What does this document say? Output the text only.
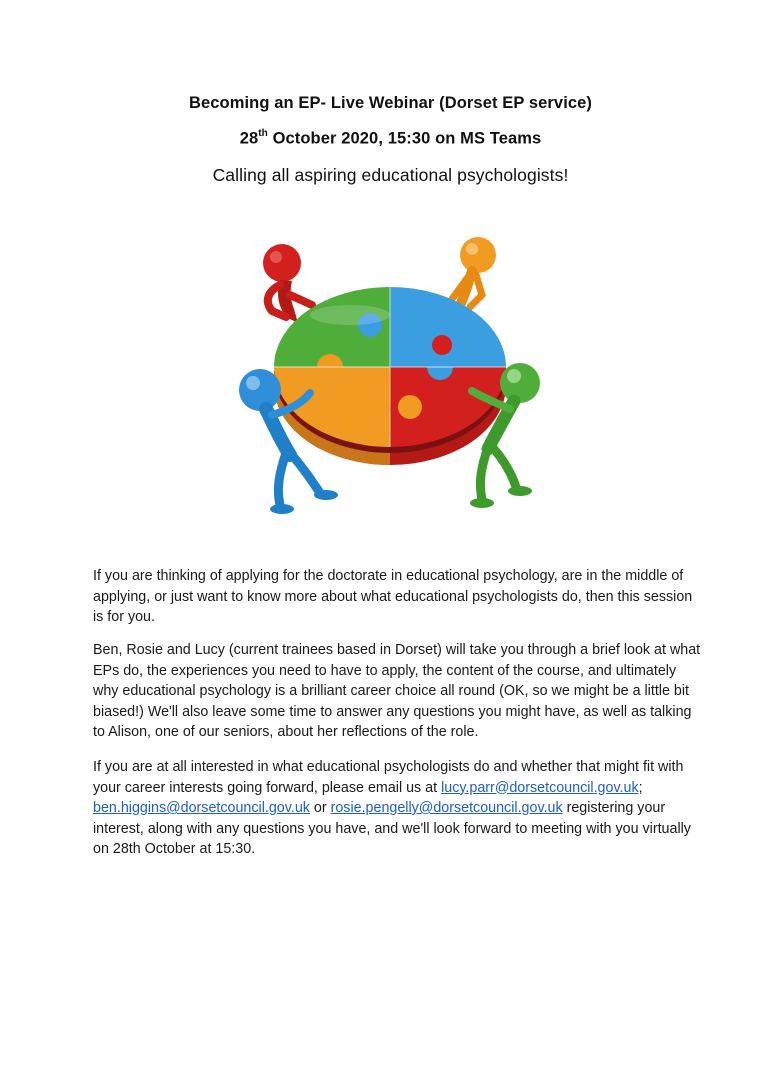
Becoming an EP- Live Webinar (Dorset EP service)
28th October 2020, 15:30 on MS Teams
Calling all aspiring educational psychologists!

If you are thinking of applying for the doctorate in educational psychology, are in the middle of applying, or just want to know more about what educational psychologists do, then this session is for you.

Ben, Rosie and Lucy (current trainees based in Dorset) will take you through a brief look at what EPs do, the experiences you need to have to apply, the content of the course, and ultimately why educational psychology is a brilliant career choice all round (OK, so we might be a little bit biased!) We'll also leave some time to answer any questions you might have, as well as talking to Alison, one of our seniors, about her reflections of the role.

If you are at all interested in what educational psychologists do and whether that might fit with your career interests going forward, please email us at lucy.parr@dorsetcouncil.gov.uk; ben.higgins@dorsetcouncil.gov.uk or rosie.pengelly@dorsetcouncil.gov.uk registering your interest, along with any questions you have, and we'll look forward to meeting with you virtually on 28th October at 15:30.
